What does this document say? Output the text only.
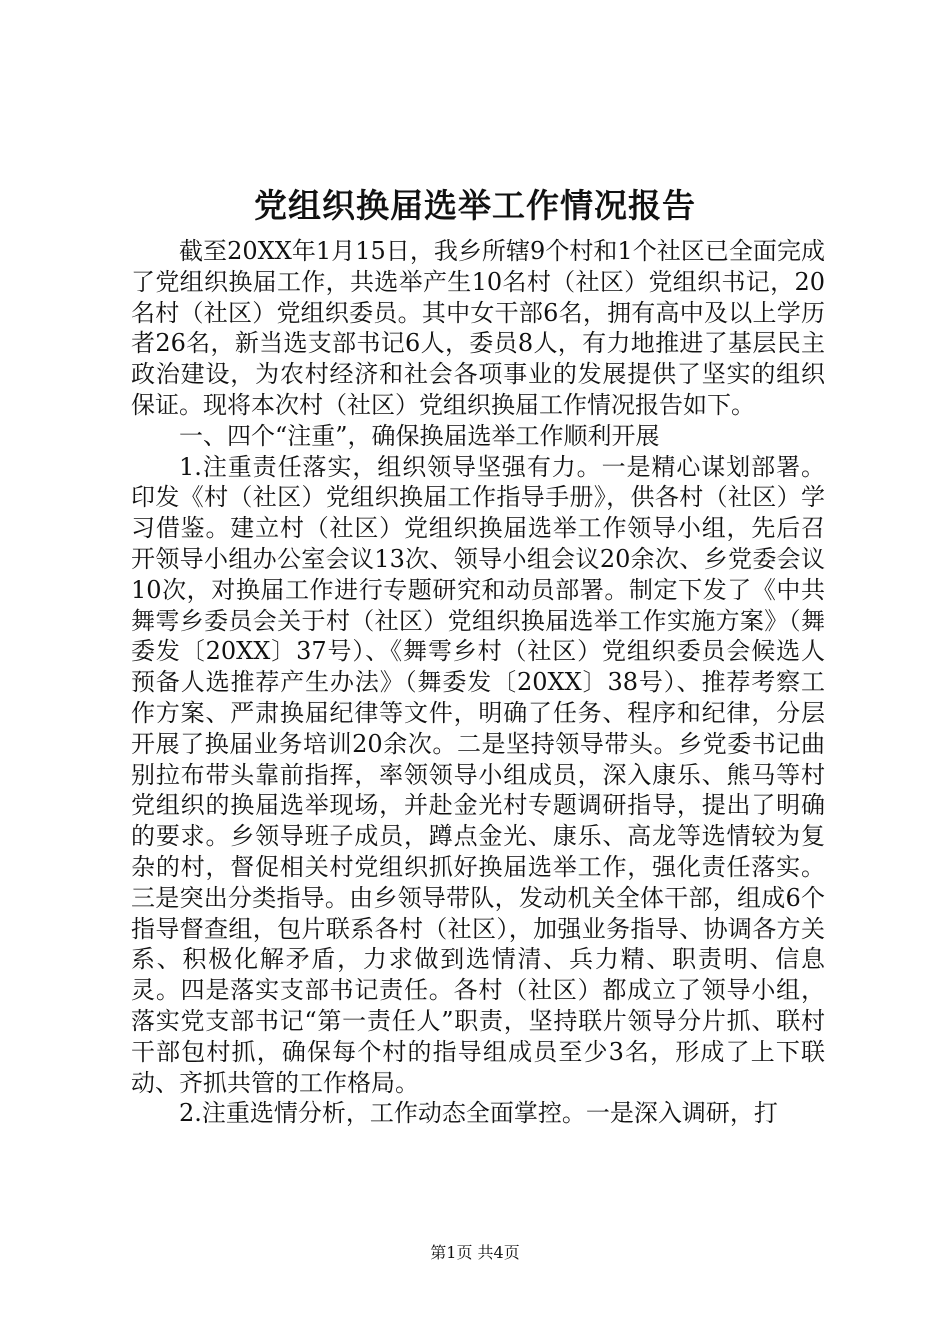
党组织换届选举工作情况报告

截至20XX年1月15日，我乡所辖9个村和1个社区已全面完成了党组织换届工作，共选举产生10名村（社区）党组织书记，20名村（社区）党组织委员。其中女干部6名，拥有高中及以上学历者26名，新当选支部书记6人，委员8人，有力地推进了基层民主政治建设，为农村经济和社会各项事业的发展提供了坚实的组织保证。现将本次村（社区）党组织换届工作情况报告如下。

一、四个“注重”，确保换届选举工作顺利开展

1.注重责任落实，组织领导坚强有力。一是精心谋划部署。印发《村（社区）党组织换届工作指导手册》，供各村（社区）学习借鉴。建立村（社区）党组织换届选举工作领导小组，先后召开领导小组办公室会议13次、领导小组会议20余次、乡党委会议10次，对换届工作进行专题研究和动员部署。制定下发了《中共舞雩乡委员会关于村（社区）党组织换届选举工作实施方案》（舞委发〔20XX〕37号）、《舞雩乡村（社区）党组织委员会候选人预备人选推荐产生办法》（舞委发〔20XX〕38号）、推荐考察工作方案、严肃换届纪律等文件，明确了任务、程序和纪律，分层开展了换届业务培训20余次。二是坚持领导带头。乡党委书记曲别拉布带头靠前指挥，率领领导小组成员，深入康乐、熊马等村党组织的换届选举现场，并赴金光村专题调研指导，提出了明确的要求。乡领导班子成员，蹲点金光、康乐、高龙等选情较为复杂的村，督促相关村党组织抓好换届选举工作，强化责任落实。三是突出分类指导。由乡领导带队，发动机关全体干部，组成6个指导督查组，包片联系各村（社区），加强业务指导、协调各方关系、积极化解矛盾，力求做到选情清、兵力精、职责明、信息灵。四是落实支部书记责任。各村（社区）都成立了领导小组，落实党支部书记“第一责任人”职责，坚持联片领导分片抓、联村干部包村抓，确保每个村的指导组成员至少3名，形成了上下联动、齐抓共管的工作格局。

2.注重选情分析，工作动态全面掌控。一是深入调研，打

第1页 共4页
